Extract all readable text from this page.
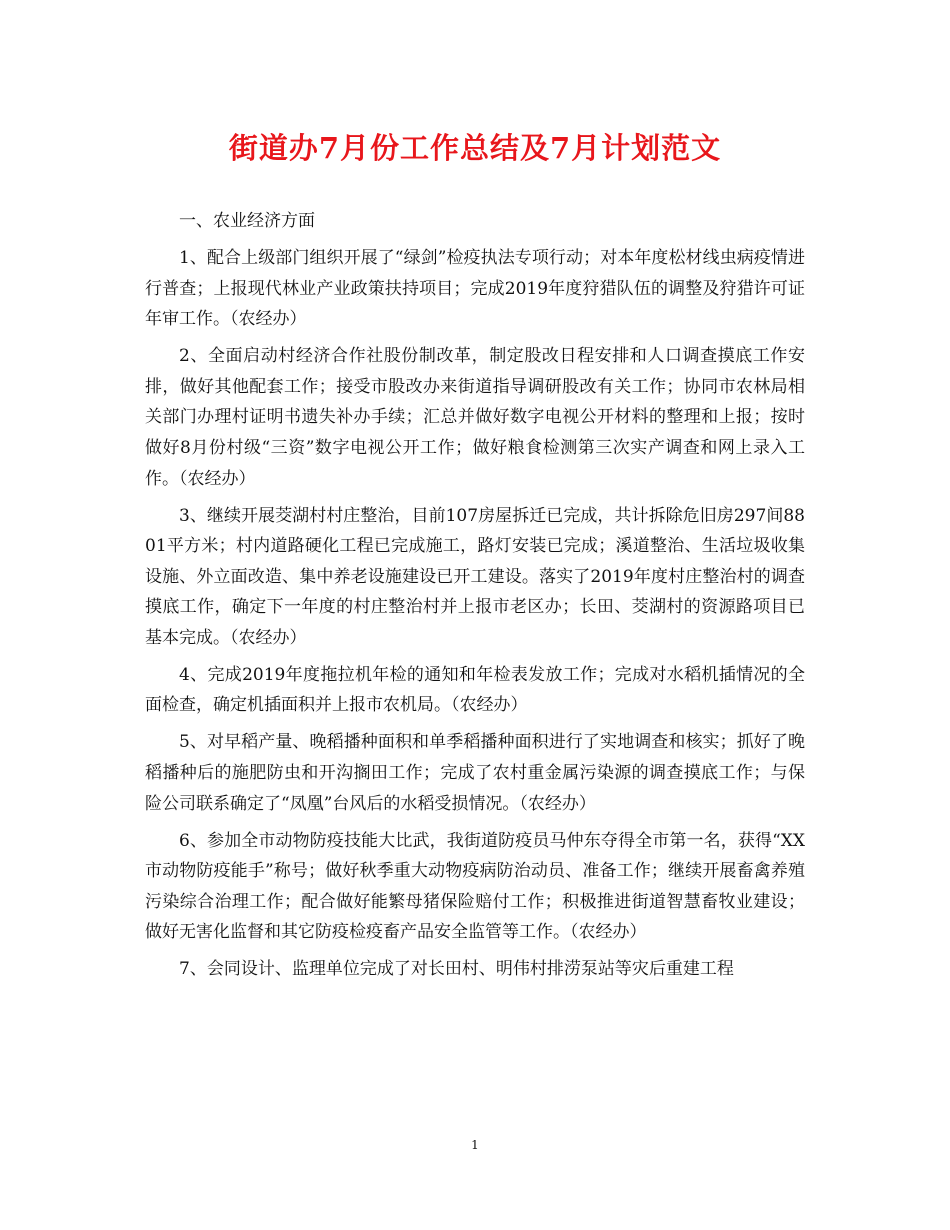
街道办7月份工作总结及7月计划范文

一、农业经济方面

1、配合上级部门组织开展了“绿剑”检疫执法专项行动；对本年度松材线虫病疫情进行普查；上报现代林业产业政策扶持项目；完成2019年度狩猎队伍的调整及狩猎许可证年审工作。（农经办）

2、全面启动村经济合作社股份制改革，制定股改日程安排和人口调查摸底工作安排，做好其他配套工作；接受市股改办来街道指导调研股改有关工作；协同市农林局相关部门办理村证明书遗失补办手续；汇总并做好数字电视公开材料的整理和上报；按时做好8月份村级“三资”数字电视公开工作；做好粮食检测第三次实产调查和网上录入工作。（农经办）

3、继续开展茭湖村村庄整治，目前107房屋拆迁已完成，共计拆除危旧房297间8801平方米；村内道路硬化工程已完成施工，路灯安装已完成；溪道整治、生活垃圾收集设施、外立面改造、集中养老设施建设已开工建设。落实了2019年度村庄整治村的调查摸底工作，确定下一年度的村庄整治村并上报市老区办；长田、茭湖村的资源路项目已基本完成。（农经办）

4、完成2019年度拖拉机年检的通知和年检表发放工作；完成对水稻机插情况的全面检查，确定机插面积并上报市农机局。（农经办）

5、对早稻产量、晚稻播种面积和单季稻播种面积进行了实地调查和核实；抓好了晚稻播种后的施肥防虫和开沟搁田工作；完成了农村重金属污染源的调查摸底工作；与保险公司联系确定了“凤凰”台风后的水稻受损情况。（农经办）

6、参加全市动物防疫技能大比武，我街道防疫员马仲东夺得全市第一名，获得“XX市动物防疫能手”称号；做好秋季重大动物疫病防治动员、准备工作；继续开展畜禽养殖污染综合治理工作；配合做好能繁母猪保险赔付工作；积极推进街道智慧畜牧业建设；做好无害化监督和其它防疫检疫畜产品安全监管等工作。（农经办）

7、会同设计、监理单位完成了对长田村、明伟村排涝泵站等灾后重建工程

1
